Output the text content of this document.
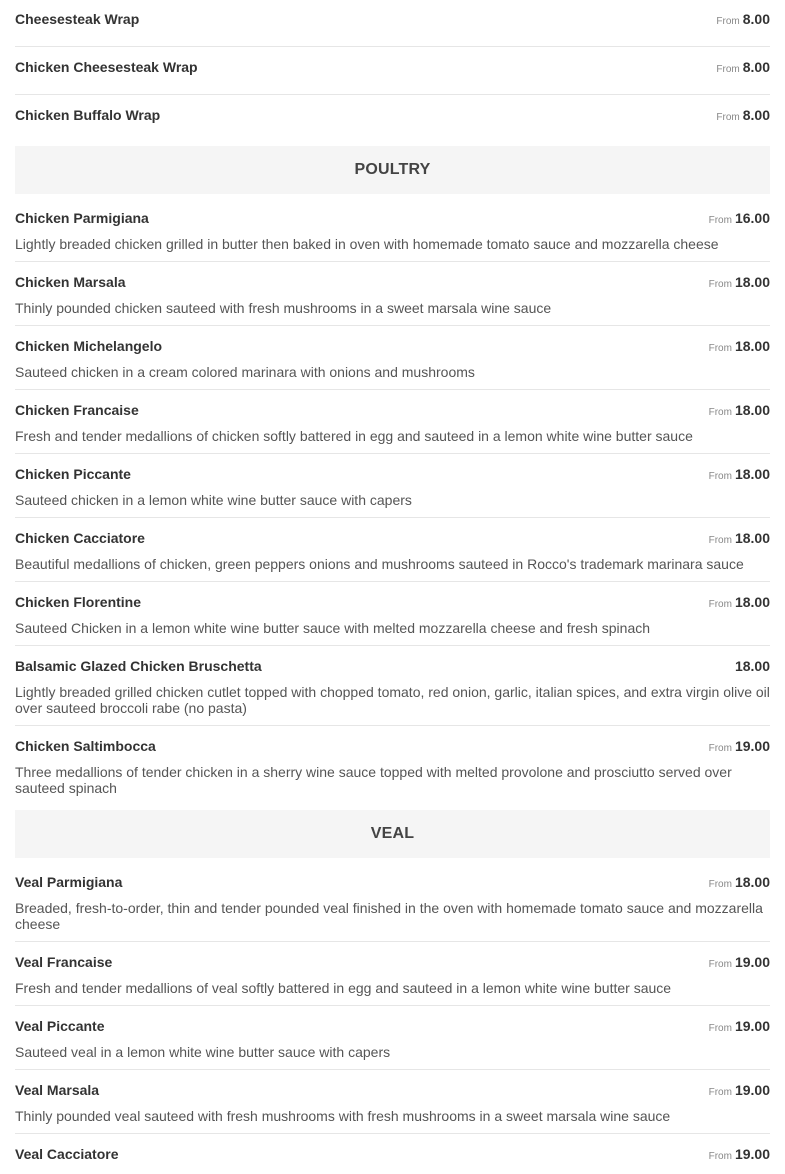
Cheesesteak Wrap	From 8.00
Chicken Cheesesteak Wrap	From 8.00
Chicken Buffalo Wrap	From 8.00
POULTRY
Chicken Parmigiana	From 16.00
Lightly breaded chicken grilled in butter then baked in oven with homemade tomato sauce and mozzarella cheese
Chicken Marsala	From 18.00
Thinly pounded chicken sauteed with fresh mushrooms in a sweet marsala wine sauce
Chicken Michelangelo	From 18.00
Sauteed chicken in a cream colored marinara with onions and mushrooms
Chicken Francaise	From 18.00
Fresh and tender medallions of chicken softly battered in egg and sauteed in a lemon white wine butter sauce
Chicken Piccante	From 18.00
Sauteed chicken in a lemon white wine butter sauce with capers
Chicken Cacciatore	From 18.00
Beautiful medallions of chicken, green peppers onions and mushrooms sauteed in Rocco's trademark marinara sauce
Chicken Florentine	From 18.00
Sauteed Chicken in a lemon white wine butter sauce with melted mozzarella cheese and fresh spinach
Balsamic Glazed Chicken Bruschetta	18.00
Lightly breaded grilled chicken cutlet topped with chopped tomato, red onion, garlic, italian spices, and extra virgin olive oil over sauteed broccoli rabe (no pasta)
Chicken Saltimbocca	From 19.00
Three medallions of tender chicken in a sherry wine sauce topped with melted provolone and prosciutto served over sauteed spinach
VEAL
Veal Parmigiana	From 18.00
Breaded, fresh-to-order, thin and tender pounded veal finished in the oven with homemade tomato sauce and mozzarella cheese
Veal Francaise	From 19.00
Fresh and tender medallions of veal softly battered in egg and sauteed in a lemon white wine butter sauce
Veal Piccante	From 19.00
Sauteed veal in a lemon white wine butter sauce with capers
Veal Marsala	From 19.00
Thinly pounded veal sauteed with fresh mushrooms with fresh mushrooms in a sweet marsala wine sauce
Veal Cacciatore	From 19.00
